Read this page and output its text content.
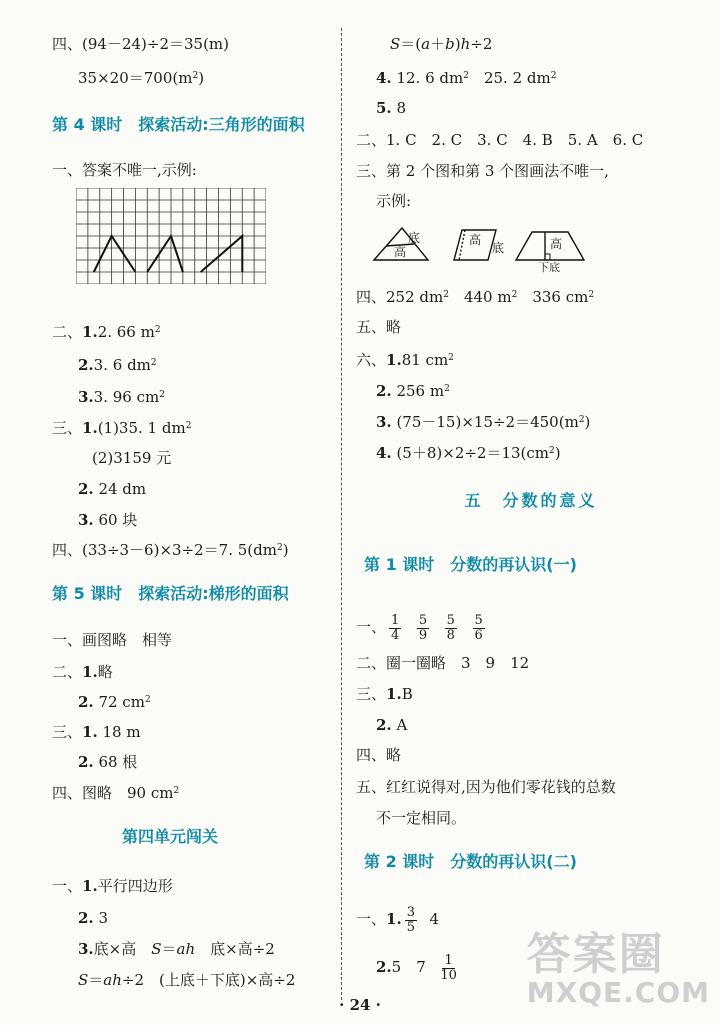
四、(94－24)÷2＝35(m)
$35\times 20=700(m^2)$
第 4 课时　探索活动:三角形的面积
一、答案不唯一,示例:
二、1.2. 66 $m^2$
2.3. 6 $dm^2$
3.3. 96 $cm^2$
三、1.(1)35. 1 $dm^2$
(2)3159 元
2. 24 dm
3. 60 块
四、(33÷3－6)×3÷2＝7. $5(dm^2)$
第 5 课时　探索活动:梯形的面积
一、画图略　相等
二、1.略
2. 72 $cm^2$
三、1. 18 m
2. 68 根
四、图略　90 $cm^2$
第四单元闯关
一、1.平行四边形
2. 3
3.底×高　S＝ah　底×高÷2
S＝ah÷2　(上底＋下底)×高÷2
S＝(a＋b)h÷2
4. 12. 6 $dm^2$　25. 2 $dm^2$
5. 8
二、1. C　2. C　3. C　4. B　5. A　6. C
三、第 2 个图和第 3 个图画法不唯一,
示例:
底
高
高
底	高
下底
四、252 $dm^2$　440 $m^2$　336 $cm^2$
五、略
六、1.81 $cm^2$
2. 256 $m^2$
3. $(75-15)\times 15\div 2=450(m^2)$
4. $(5+8)\times 2\div 2=13(cm^2)$
五　分数的意义
第 1 课时　分数的再认识(一)
一、 $\frac{1}{4}$
$\frac{5}{9}$
$\frac{5}{8}$
$\frac{5}{6}$
二、圈一圈略　3　9　12
三、1.B
2. A
四、略
五、红红说得对,因为他们零花钱的总数
不一定相同。
第 2 课时　分数的再认识(二)
一、1. $\frac{3}{5} 4$
2.5　$7 \frac{1}{10}$
· 24 ·
答案圈
MXQE.COM
